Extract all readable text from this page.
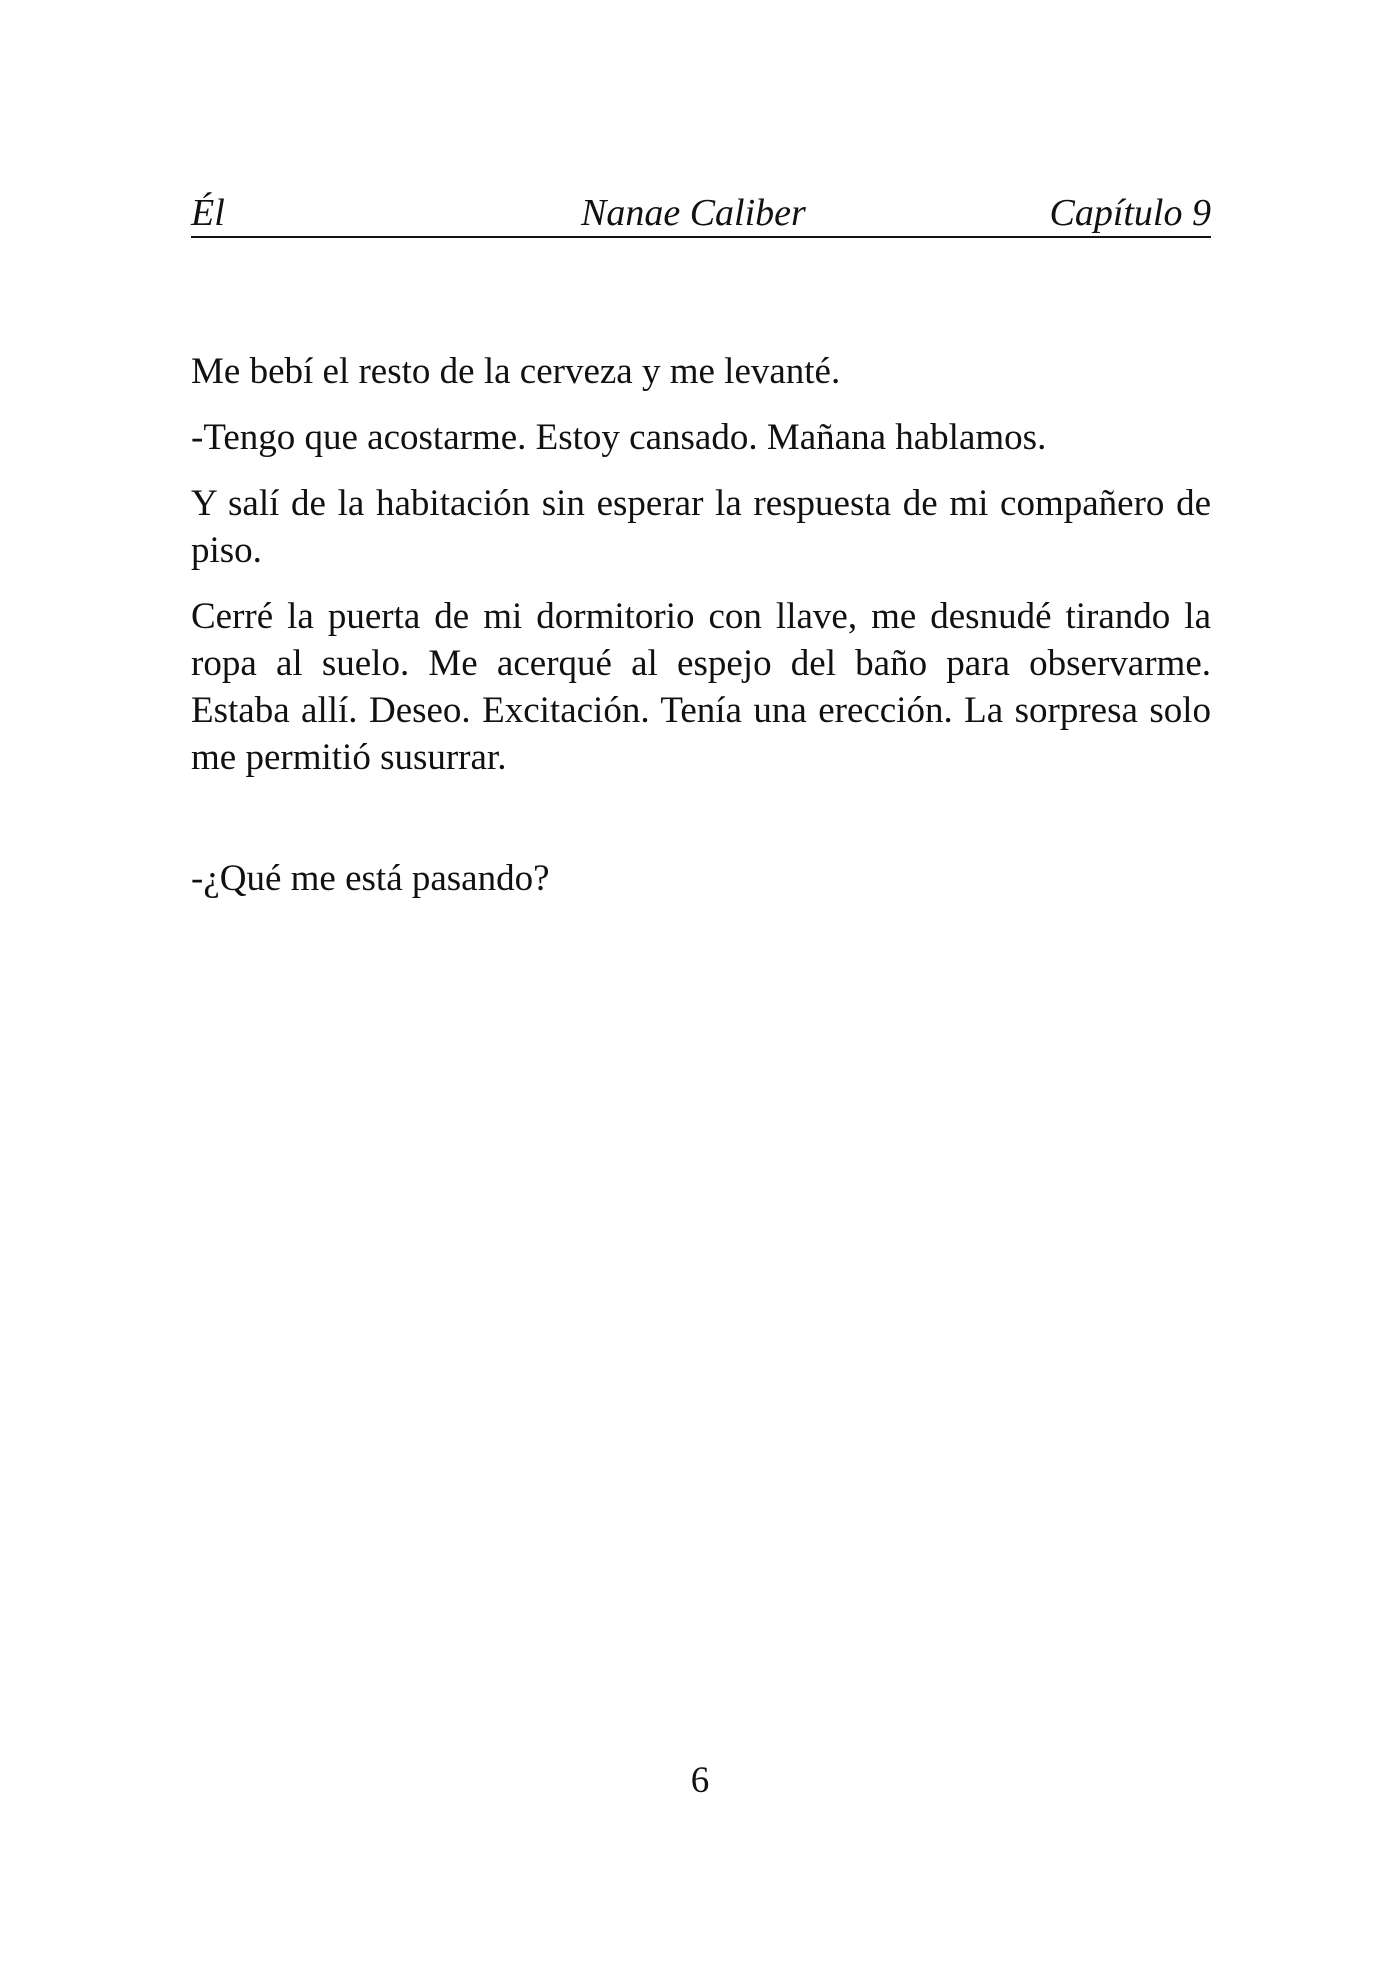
Él	Nanae Caliber	Capítulo 9

Me bebí el resto de la cerveza y me levanté.

-Tengo que acostarme. Estoy cansado. Mañana hablamos.

Y salí de la habitación sin esperar la respuesta de mi compañero de piso.

Cerré la puerta de mi dormitorio con llave, me desnudé tirando la ropa al suelo. Me acerqué al espejo del baño para observarme. Estaba allí. Deseo. Excitación. Tenía una erección. La sorpresa solo me permitió susurrar.

-¿Qué me está pasando?

6
